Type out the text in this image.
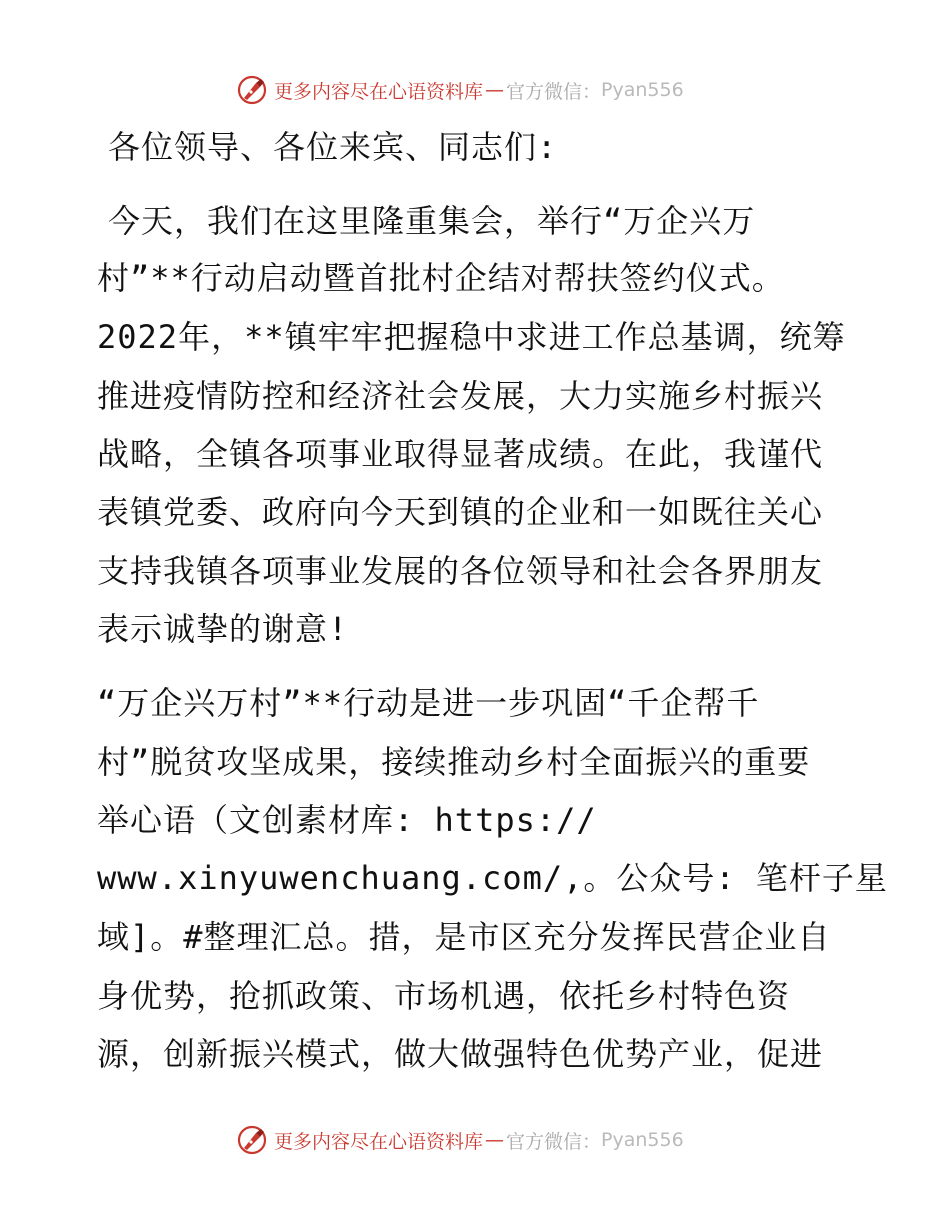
更多内容尽在心语资料库 — 官方微信： Pyan556
各位领导、各位来宾、同志们:
今天，我们在这里隆重集会，举行“万企兴万
村”**行动启动暨首批村企结对帮扶签约仪式。
2022年，**镇牢牢把握稳中求进工作总基调，统筹
推进疫情防控和经济社会发展，大力实施乡村振兴
战略，全镇各项事业取得显著成绩。在此，我谨代
表镇党委、政府向今天到镇的企业和一如既往关心
支持我镇各项事业发展的各位领导和社会各界朋友
表示诚挚的谢意!
“万企兴万村”**行动是进一步巩固“千企帮千
村”脱贫攻坚成果，接续推动乡村全面振兴的重要
举心语（文创素材库: https://
www.xinyuwenchuang.com/,。公众号: 笔杆子星
域]。#整理汇总。措，是市区充分发挥民营企业自
身优势，抢抓政策、市场机遇，依托乡村特色资
源，创新振兴模式，做大做强特色优势产业，促进
更多内容尽在心语资料库 — 官方微信： Pyan556
